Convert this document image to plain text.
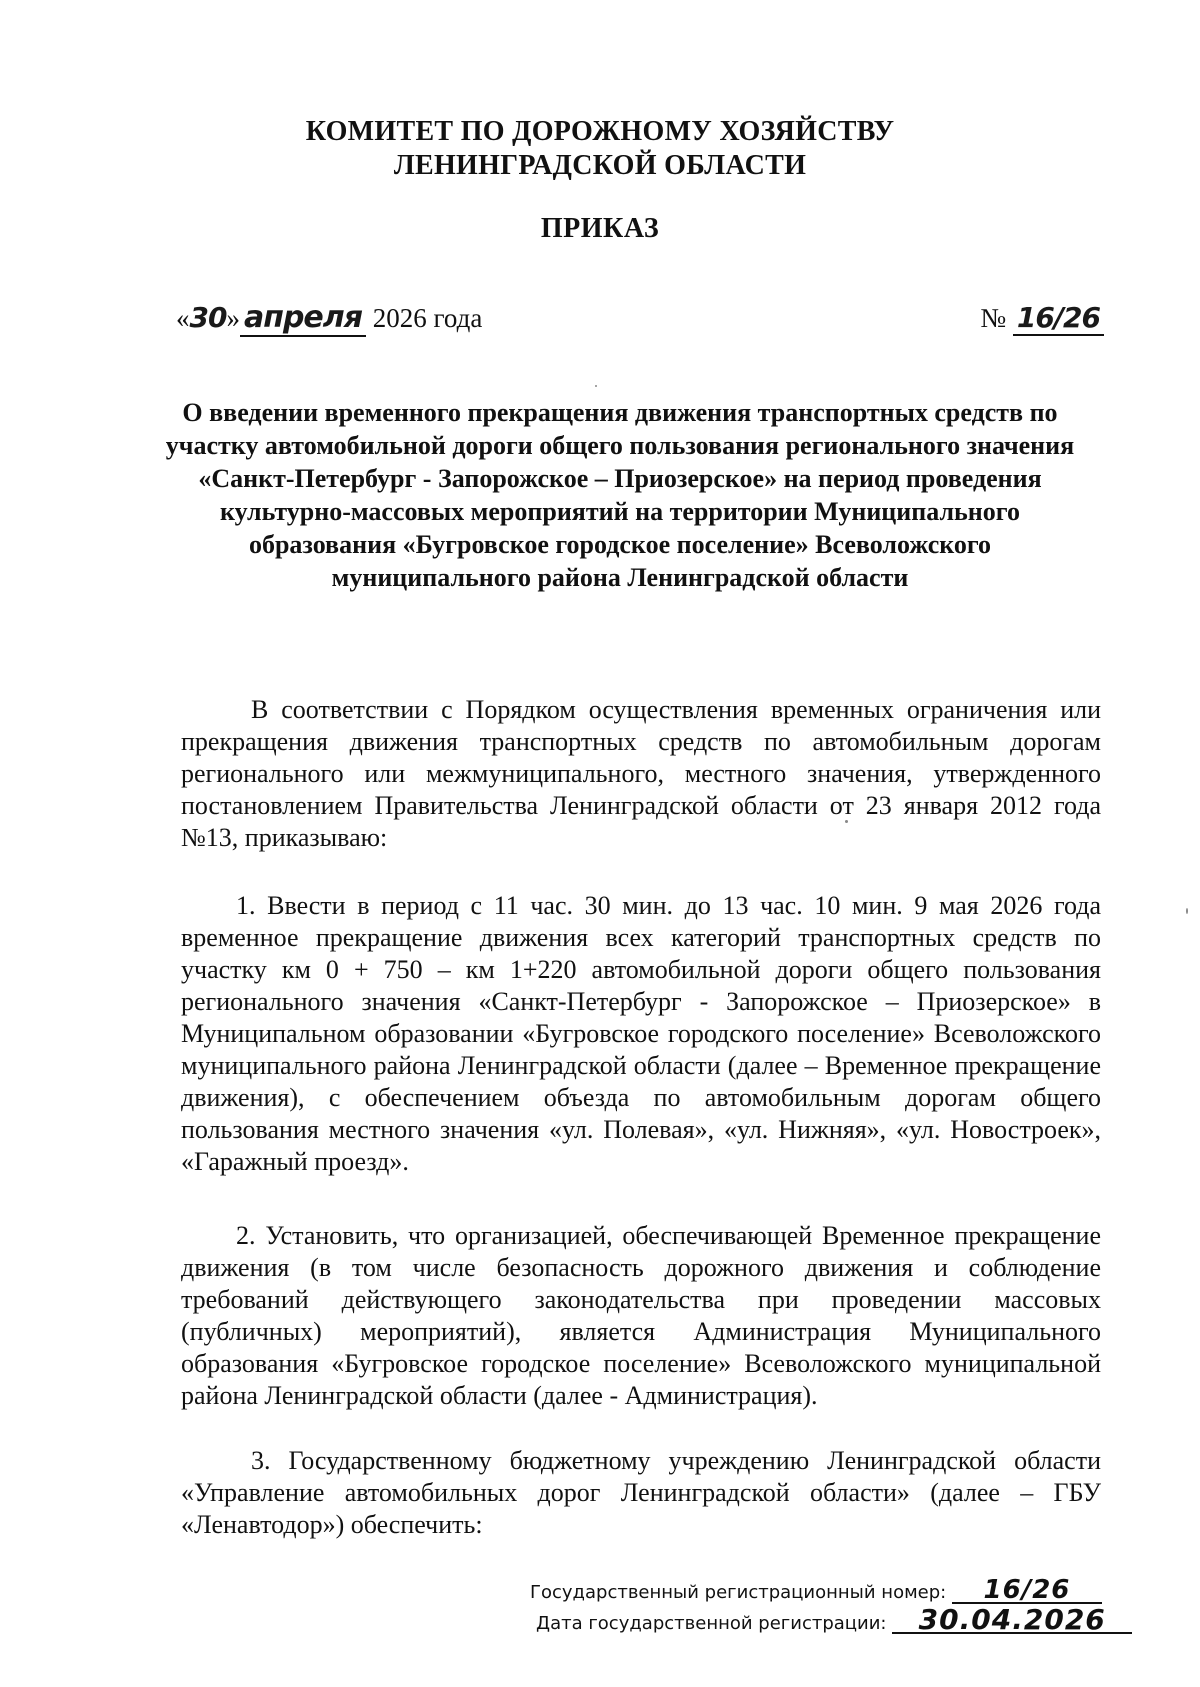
КОМИТЕТ ПО ДОРОЖНОМУ ХОЗЯЙСТВУ
ЛЕНИНГРАДСКОЙ ОБЛАСТИ
ПРИКАЗ
«30» апреля 2026 года	№ 16/26
О введении временного прекращения движения транспортных средств по участку автомобильной дороги общего пользования регионального значения «Санкт-Петербург - Запорожское – Приозерское» на период проведения культурно-массовых мероприятий на территории Муниципального образования «Бугровское городское поселение» Всеволожского муниципального района Ленинградской области
В соответствии с Порядком осуществления временных ограничения или прекращения движения транспортных средств по автомобильным дорогам регионального или межмуниципального, местного значения, утвержденного постановлением Правительства Ленинградской области от 23 января 2012 года №13, приказываю:
1. Ввести в период с 11 час. 30 мин. до 13 час. 10 мин. 9 мая 2026 года временное прекращение движения всех категорий транспортных средств по участку км 0 + 750 – км 1+220 автомобильной дороги общего пользования регионального значения «Санкт-Петербург - Запорожское – Приозерское» в Муниципальном образовании «Бугровское городского поселение» Всеволожского муниципального района Ленинградской области (далее – Временное прекращение движения), с обеспечением объезда по автомобильным дорогам общего пользования местного значения «ул. Полевая», «ул. Нижняя», «ул. Новостроек», «Гаражный проезд».
2. Установить, что организацией, обеспечивающей Временное прекращение движения (в том числе безопасность дорожного движения и соблюдение требований действующего законодательства при проведении массовых (публичных) мероприятий), является Администрация Муниципального образования «Бугровское городское поселение» Всеволожского муниципальной района Ленинградской области (далее - Администрация).
3. Государственному бюджетному учреждению Ленинградской области «Управление автомобильных дорог Ленинградской области» (далее – ГБУ «Ленавтодор») обеспечить:
Государственный регистрационный номер: 16/26
Дата государственной регистрации: 30.04.2026
